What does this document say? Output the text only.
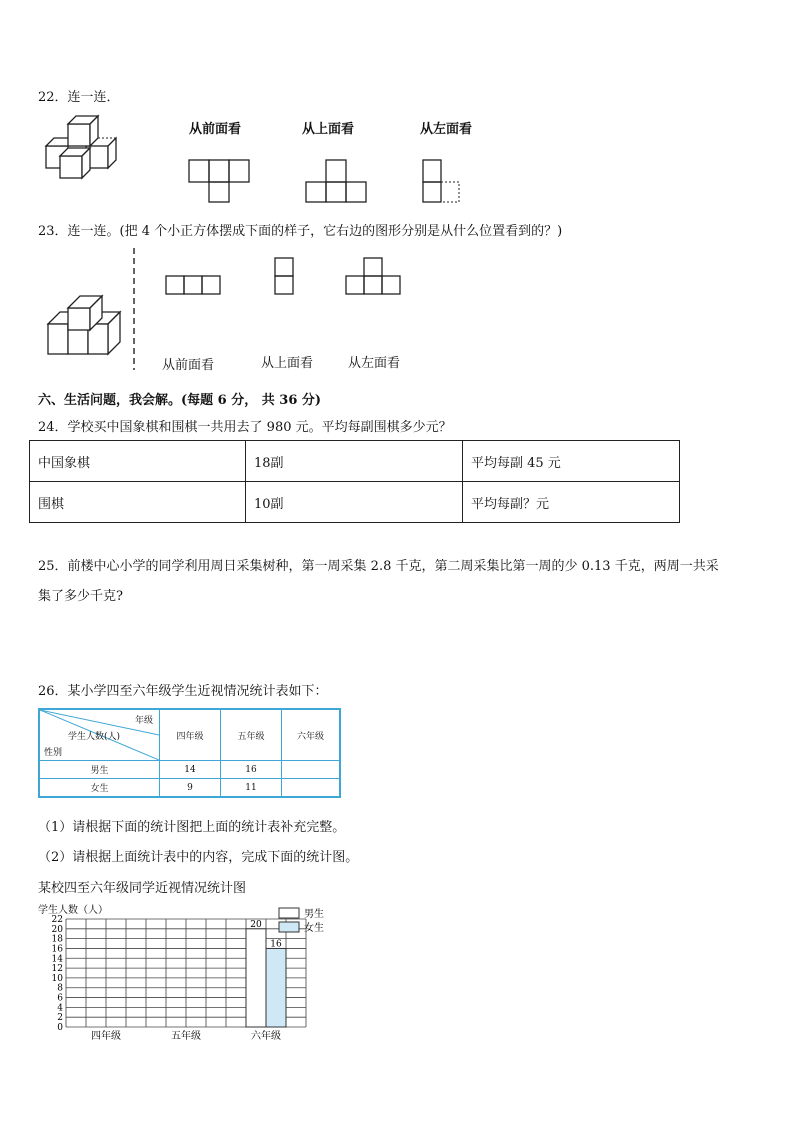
22．连一连．
从前面看	从上面看	从左面看
23．连一连。(把 4 个小正方体摆成下面的样子，它右边的图形分别是从什么位置看到的？)
从前面看	从上面看	从左面看
六、生活问题，我会解。(每题 6 分， 共 36 分)
24．学校买中国象棋和围棋一共用去了 980 元。平均每副围棋多少元？
中国象棋	18副	平均每副 45 元
围棋	10副	平均每副？元
25．前楼中心小学的同学利用周日采集树种，第一周采集 2.8 千克，第二周采集比第一周的少 0.13 千克，两周一共采
集了多少千克?
26．某小学四至六年级学生近视情况统计表如下：
年级
学生人数(人)
性别	四年级	五年级	六年级
男生	14	16	
女生	9	11	
（1）请根据下面的统计图把上面的统计表补充完整。
（2）请根据上面统计表中的内容，完成下面的统计图。
某校四至六年级同学近视情况统计图
学生人数（人）
20
16
0
2
4
6
8
10
12
14
16
18
20
22
四年级	五年级	六年级
男生
女生
